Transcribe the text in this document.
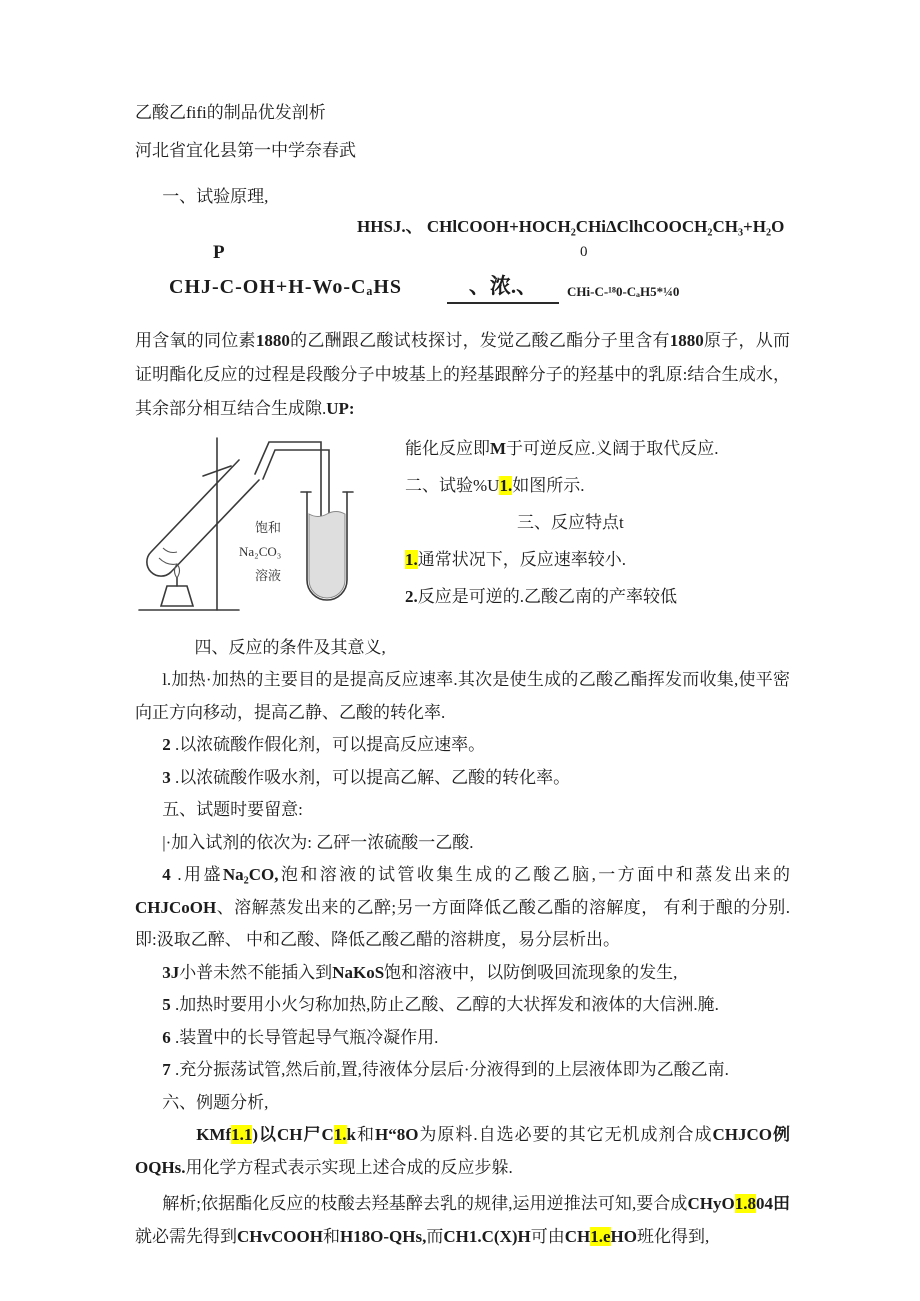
乙酸乙fifi的制品优发剖析

河北省宜化县第一中学奈春武

一、试验原理,

HHSJ.、 CHlCOOH+HOCH₂CHiΔClhCOOCH₂CH₃+H₂O

P	0
CHJ-C-OH+H-Wo-CₐHS	、浓.、	CHi-C-¹⁸0-CₐH5*¼0

用含氧的同位素1880的乙酬跟乙酸试枝探讨，发觉乙酸乙酯分子里含有1880原子，从而证明酯化反应的过程是段酸分子中坡基上的羟基跟醉分子的羟基中的乳原:结合生成水，其余部分相互结合生成隙.UP:

饱和
Na₂CO₃
溶液

能化反应即M于可逆反应.义阔于取代反应.

二、试验%U1.如图所示.

三、反应特点t

1.通常状况下，反应速率较小.

2.反应是可逆的.乙酸乙南的产率较低

四、反应的条件及其意义,

l.加热·加热的主要目的是提高反应速率.其次是使生成的乙酸乙酯挥发而收集,使平密向正方向移动，提高乙静、乙酸的转化率.

2 .以浓硫酸作假化剂，可以提高反应速率。

3 .以浓硫酸作吸水剂，可以提高乙解、乙酸的转化率。

五、试题时要留意:

|·加入试剂的依次为: 乙砰一浓硫酸一乙酸.

4 .用盛Na₂CO,泡和溶液的试管收集生成的乙酸乙脑,一方面中和蒸发出来的CHJCoOH、溶解蒸发出来的乙醉;另一方面降低乙酸乙酯的溶解度， 有利于酿的分别.即:汲取乙醉、 中和乙酸、降低乙酸乙醋的溶耕度，易分层析出。

3J小普未然不能插入到NaKoS饱和溶液中，以防倒吸回流现象的发生,

5 .加热时要用小火匀称加热,防止乙酸、乙醇的大状挥发和液体的大信洲.腌.

6 .装置中的长导管起导气瓶冷凝作用.

7 .充分振荡试管,然后前,置,待液体分层后·分液得到的上层液体即为乙酸乙南.

六、例题分析,

KMf1.1)以CH尸C1.k和H“8O为原料.自选必要的其它无机成剂合成CHJCO例OQHs.用化学方程式表示实现上述合成的反应步躲.

解析;依据酯化反应的枝酸去羟基醉去乳的规律,运用逆推法可知,要合成CHyO1.804田就必需先得到CHvCOOH和H18O-QHs,而CH1.C(X)H可由CH1.eHO班化得到,
